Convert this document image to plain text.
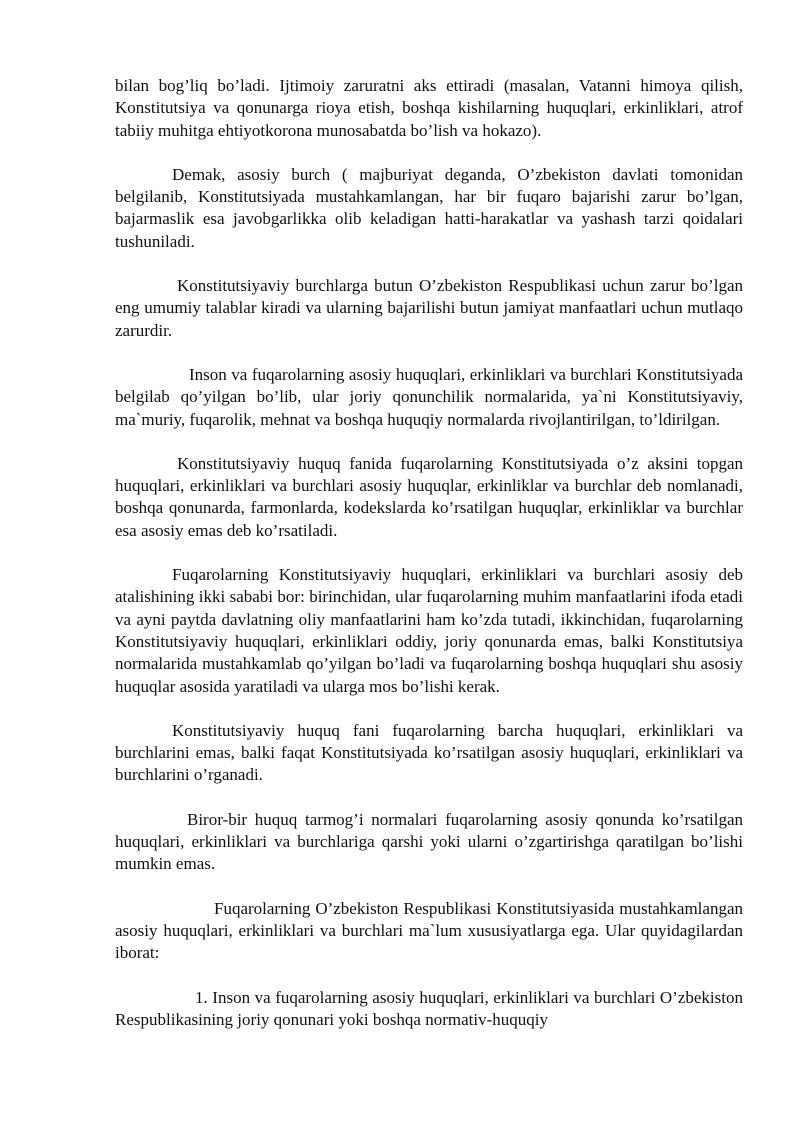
bilan bog’liq bo’ladi. Ijtimoiy zaruratni aks ettiradi (masalan, Vatanni himoya qilish, Konstitutsiya va qonunarga rioya etish, boshqa kishilarning huquqlari, erkinliklari, atrof tabiiy muhitga ehtiyotkorona munosabatda bo’lish va hokazo).

Demak, asosiy burch ( majburiyat deganda, O’zbekiston davlati tomonidan belgilanib, Konstitutsiyada mustahkamlangan, har bir fuqaro bajarishi zarur bo’lgan, bajarmaslik esa javobgarlikka olib keladigan hatti-harakatlar va yashash tarzi qoidalari tushuniladi.

Konstitutsiyaviy burchlarga butun O’zbekiston Respublikasi uchun zarur bo’lgan eng umumiy talablar kiradi va ularning bajarilishi butun jamiyat manfaatlari uchun mutlaqo zarurdir.

Inson va fuqarolarning asosiy huquqlari, erkinliklari va burchlari Konstitutsiyada belgilab qo’yilgan bo’lib, ular joriy qonunchilik normalarida, ya`ni Konstitutsiyaviy, ma`muriy, fuqarolik, mehnat va boshqa huquqiy normalarda rivojlantirilgan, to’ldirilgan.

Konstitutsiyaviy huquq fanida fuqarolarning Konstitutsiyada o’z aksini topgan huquqlari, erkinliklari va burchlari asosiy huquqlar, erkinliklar va burchlar deb nomlanadi, boshqa qonunarda, farmonlarda, kodekslarda ko’rsatilgan huquqlar, erkinliklar va burchlar esa asosiy emas deb ko’rsatiladi.

Fuqarolarning Konstitutsiyaviy huquqlari, erkinliklari va burchlari asosiy deb atalishining ikki sababi bor: birinchidan, ular fuqarolarning muhim manfaatlarini ifoda etadi va ayni paytda davlatning oliy manfaatlarini ham ko’zda tutadi, ikkinchidan, fuqarolarning Konstitutsiyaviy huquqlari, erkinliklari oddiy, joriy qonunarda emas, balki Konstitutsiya normalarida mustahkamlab qo’yilgan bo’ladi va fuqarolarning boshqa huquqlari shu asosiy huquqlar asosida yaratiladi va ularga mos bo’lishi kerak.

Konstitutsiyaviy huquq fani fuqarolarning barcha huquqlari, erkinliklari va burchlarini emas, balki faqat Konstitutsiyada ko’rsatilgan asosiy huquqlari, erkinliklari va burchlarini o’rganadi.

Biror-bir huquq tarmog’i normalari fuqarolarning asosiy qonunda ko’rsatilgan huquqlari, erkinliklari va burchlariga qarshi yoki ularni o’zgartirishga qaratilgan bo’lishi mumkin emas.

Fuqarolarning O’zbekiston Respublikasi Konstitutsiyasida mustahkamlangan asosiy huquqlari, erkinliklari va burchlari ma`lum xususiyatlarga ega. Ular quyidagilardan iborat:

1. Inson va fuqarolarning asosiy huquqlari, erkinliklari va burchlari O’zbekiston Respublikasining joriy qonunari yoki boshqa normativ-huquqiy
